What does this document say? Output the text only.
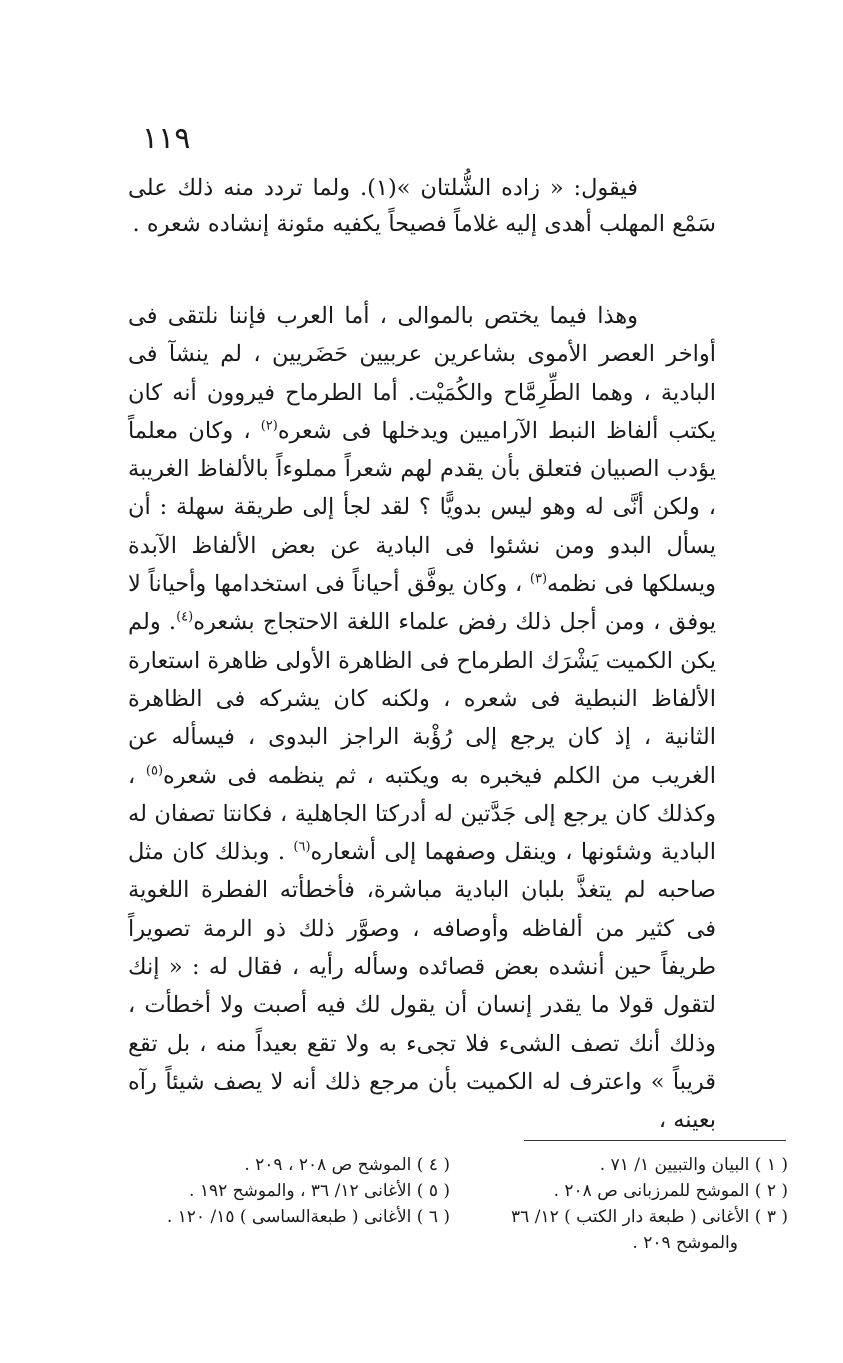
١١٩
فيقول: « زاده الشُّلتان »(١). ولما تردد منه ذلك على سَمْع المهلب أهدى إليه غلاماً فصيحاً يكفيه مئونة إنشاده شعره .
وهذا فيما يختص بالموالى ، أما العرب فإننا نلتقى فى أواخر العصر الأموى بشاعرين عربيين حَضَريين ، لم ينشآ فى البادية ، وهما الطِّرِمَّاح والكُمَيْت. أما الطرماح فيروون أنه كان يكتب ألفاظ النبط الآراميين ويدخلها فى شعره$^{(٢)}$ ، وكان معلماً يؤدب الصبيان فتعلق بأن يقدم لهم شعراً مملوءاً بالألفاظ الغريبة ، ولكن أنَّى له وهو ليس بدويًّا ؟ لقد لجأ إلى طريقة سهلة : أن يسأل البدو ومن نشئوا فى البادية عن بعض الألفاظ الآبدة ويسلكها فى نظمه$^{(٣)}$ ، وكان يوفَّق أحياناً فى استخدامها وأحياناً لا يوفق ، ومن أجل ذلك رفض علماء اللغة الاحتجاج بشعره$^{(٤)}$. ولم يكن الكميت يَشْرَك الطرماح فى الظاهرة الأولى ظاهرة استعارة الألفاظ النبطية فى شعره ، ولكنه كان يشركه فى الظاهرة الثانية ، إذ كان يرجع إلى رُؤْبة الراجز البدوى ، فيسأله عن الغريب من الكلم فيخبره به ويكتبه ، ثم ينظمه فى شعره$^{(٥)}$ ، وكذلك كان يرجع إلى جَدَّتين له أدركتا الجاهلية ، فكانتا تصفان له البادية وشئونها ، وينقل وصفهما إلى أشعاره$^{(٦)}$ . وبذلك كان مثل صاحبه لم يتغذَّ بلبان البادية مباشرة، فأخطأته الفطرة اللغوية فى كثير من ألفاظه وأوصافه ، وصوَّر ذلك ذو الرمة تصويراً طريفاً حين أنشده بعض قصائده وسأله رأيه ، فقال له : « إنك لتقول قولا ما يقدر إنسان أن يقول لك فيه أصبت ولا أخطأت ، وذلك أنك تصف الشىء فلا تجىء به ولا تقع بعيداً منه ، بل تقع قريباً » واعترف له الكميت بأن مرجع ذلك أنه لا يصف شيئاً رآه بعينه ،
( ١ ) البيان والتبيين ١/ ٧١ .
( ٢ ) الموشح للمرزبانى ص ٢٠٨ .
( ٣ ) الأغانى ( طبعة دار الكتب ) ١٢/ ٣٦
والموشح ٢٠٩ .
( ٤ ) الموشح ص ٢٠٨ ، ٢٠٩ .
( ٥ ) الأغانى ١٢/ ٣٦ ، والموشح ١٩٢ .
( ٦ ) الأغانى ( طبعةالساسى ) ١٥/ ١٢٠ .
